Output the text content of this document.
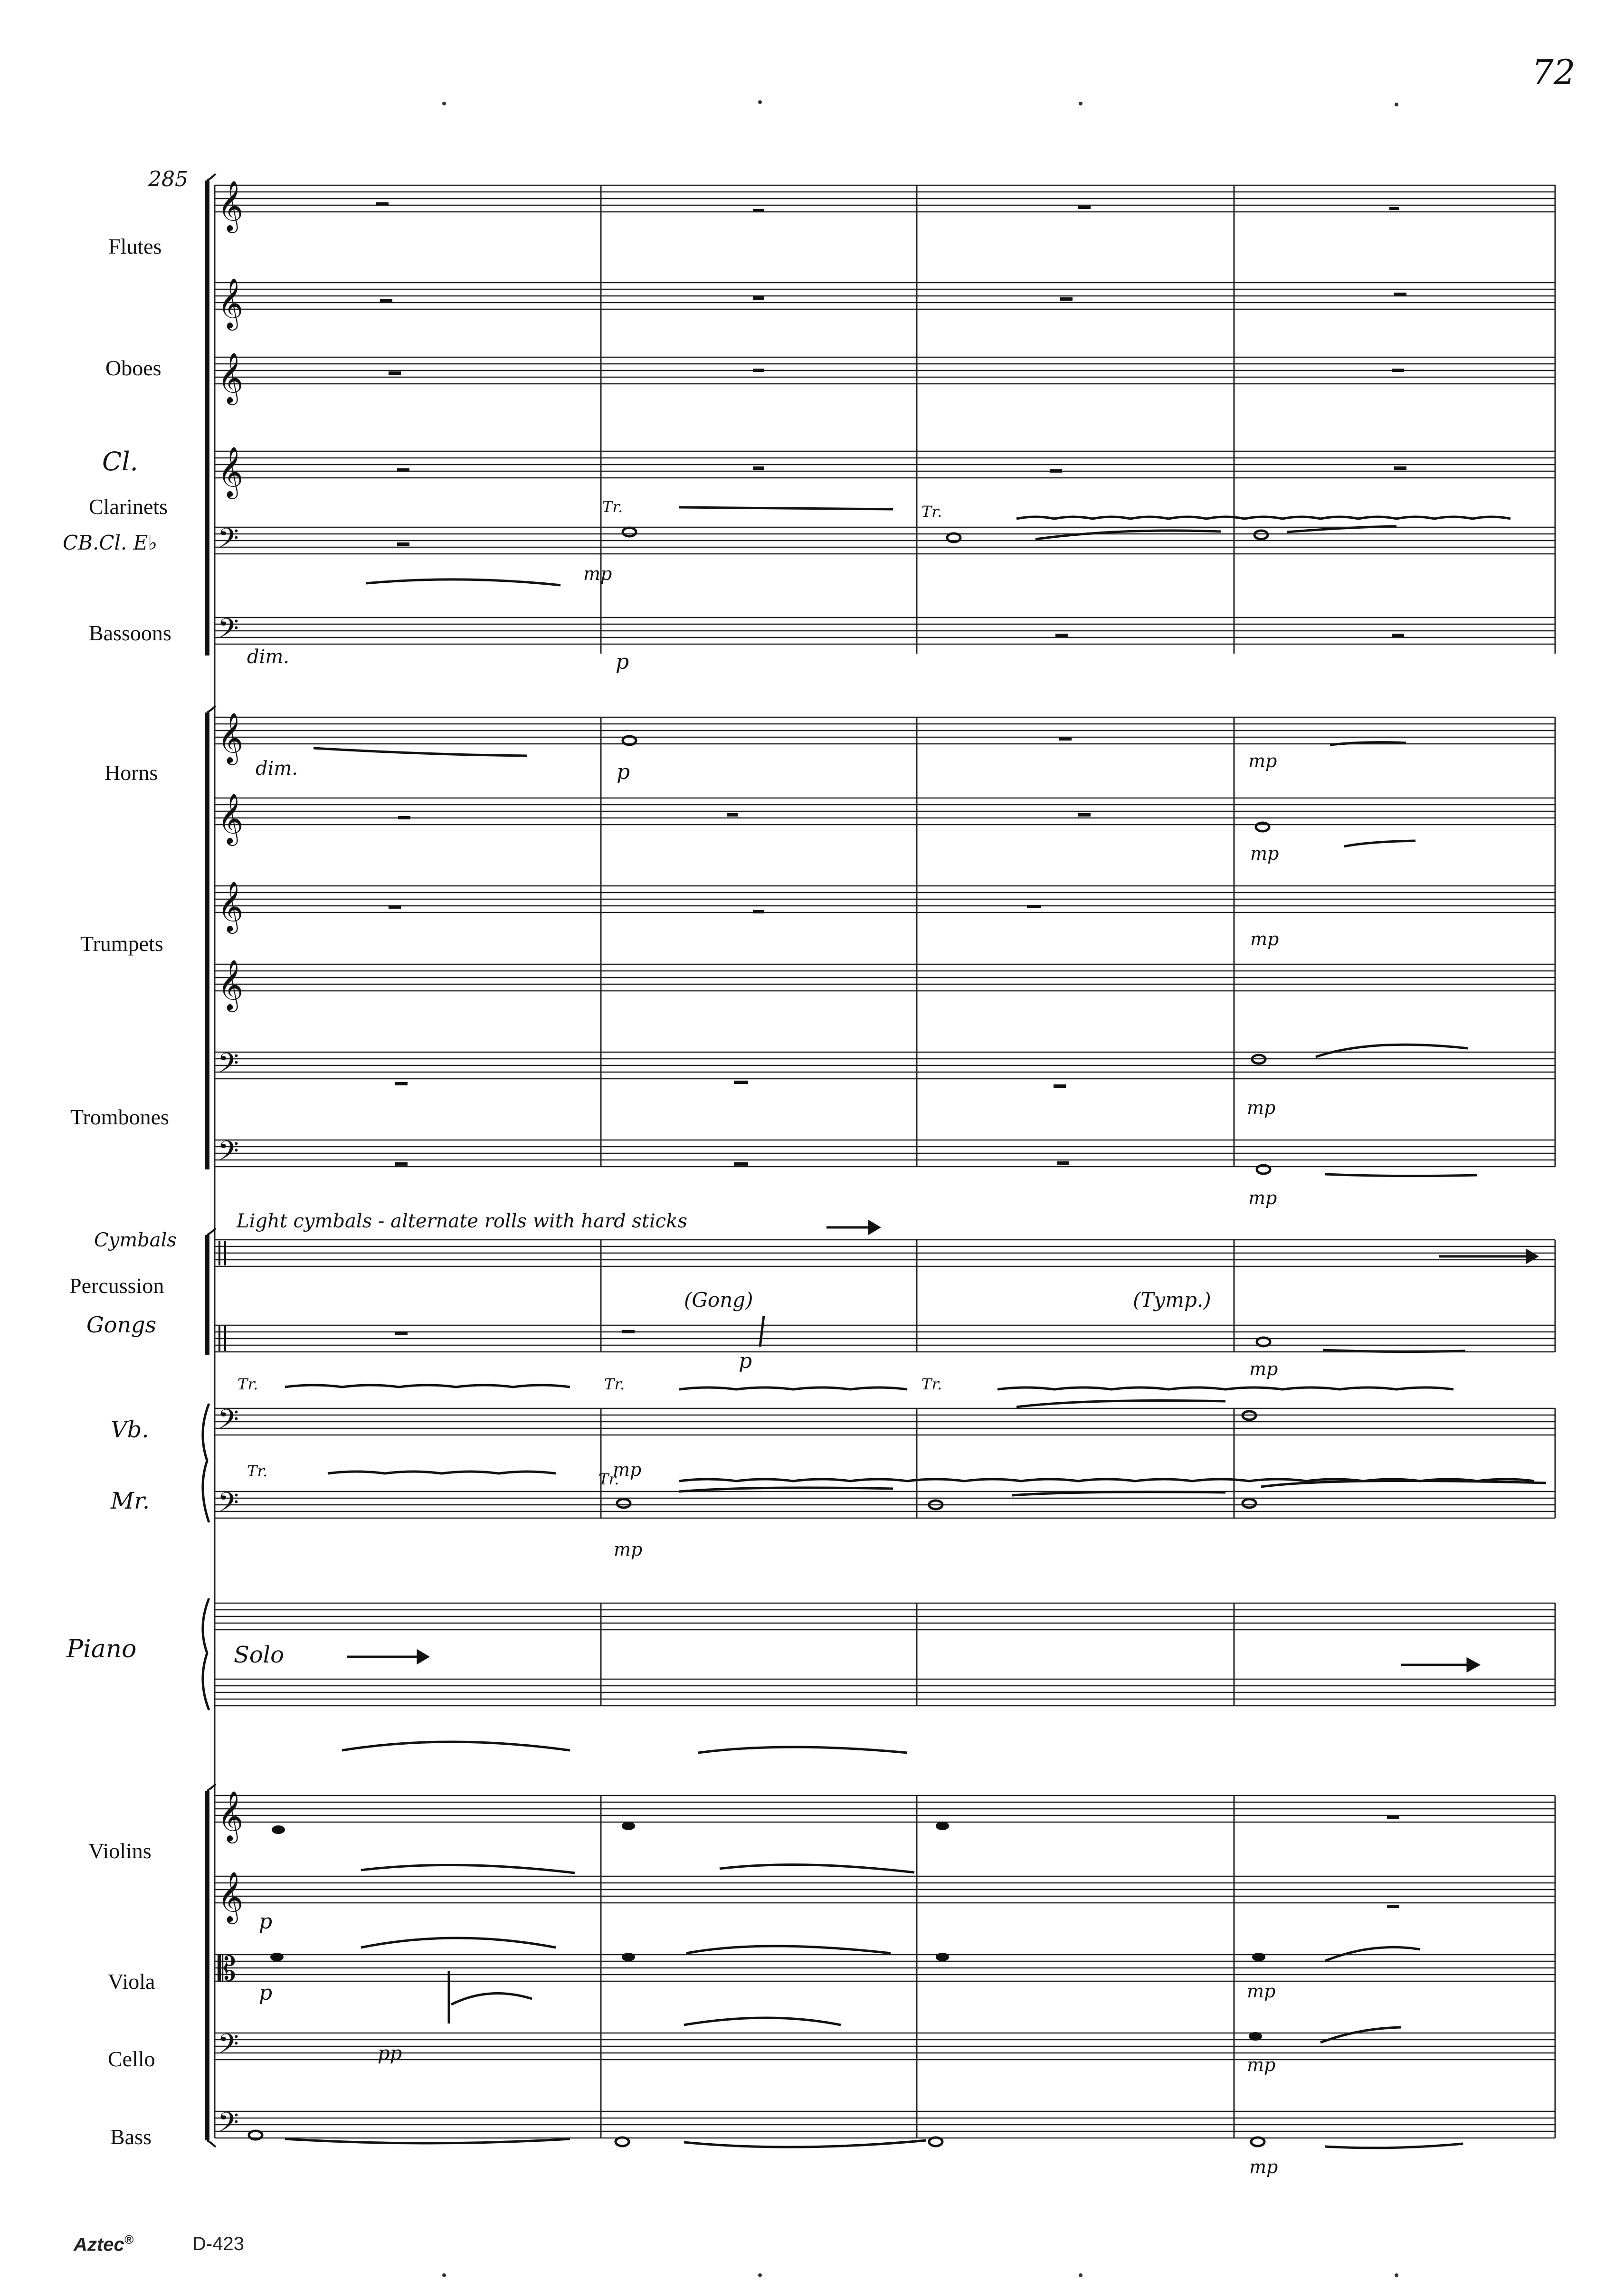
𝄞
𝄞
𝄞
𝄞
𝄢
𝄢
𝄞
𝄞
𝄞
𝄞
𝄢
𝄢
𝄢
𝄢
𝄞
𝄞
𝄡
𝄢
𝄢
72
285
Flutes
Oboes
Cl.
Clarinets
CB.Cl. E♭
Bassoons
Horns
Trumpets
Trombones
Cymbals
Percussion
Gongs
Vb.
Mr.
Piano
Violins
Viola
Cello
Bass
Light cymbals - alternate rolls with hard sticks
(Gong)	(Tymp.)
Solo
Tr.	Tr.
Tr.	Tr.	Tr.
Tr.	Tr.
dim.
dim.
mp
p
p	mp
mp
mp
mp
mp
p	mp
mp
mp
p
p
pp
mp
mp
mp
Aztec®	D-423
